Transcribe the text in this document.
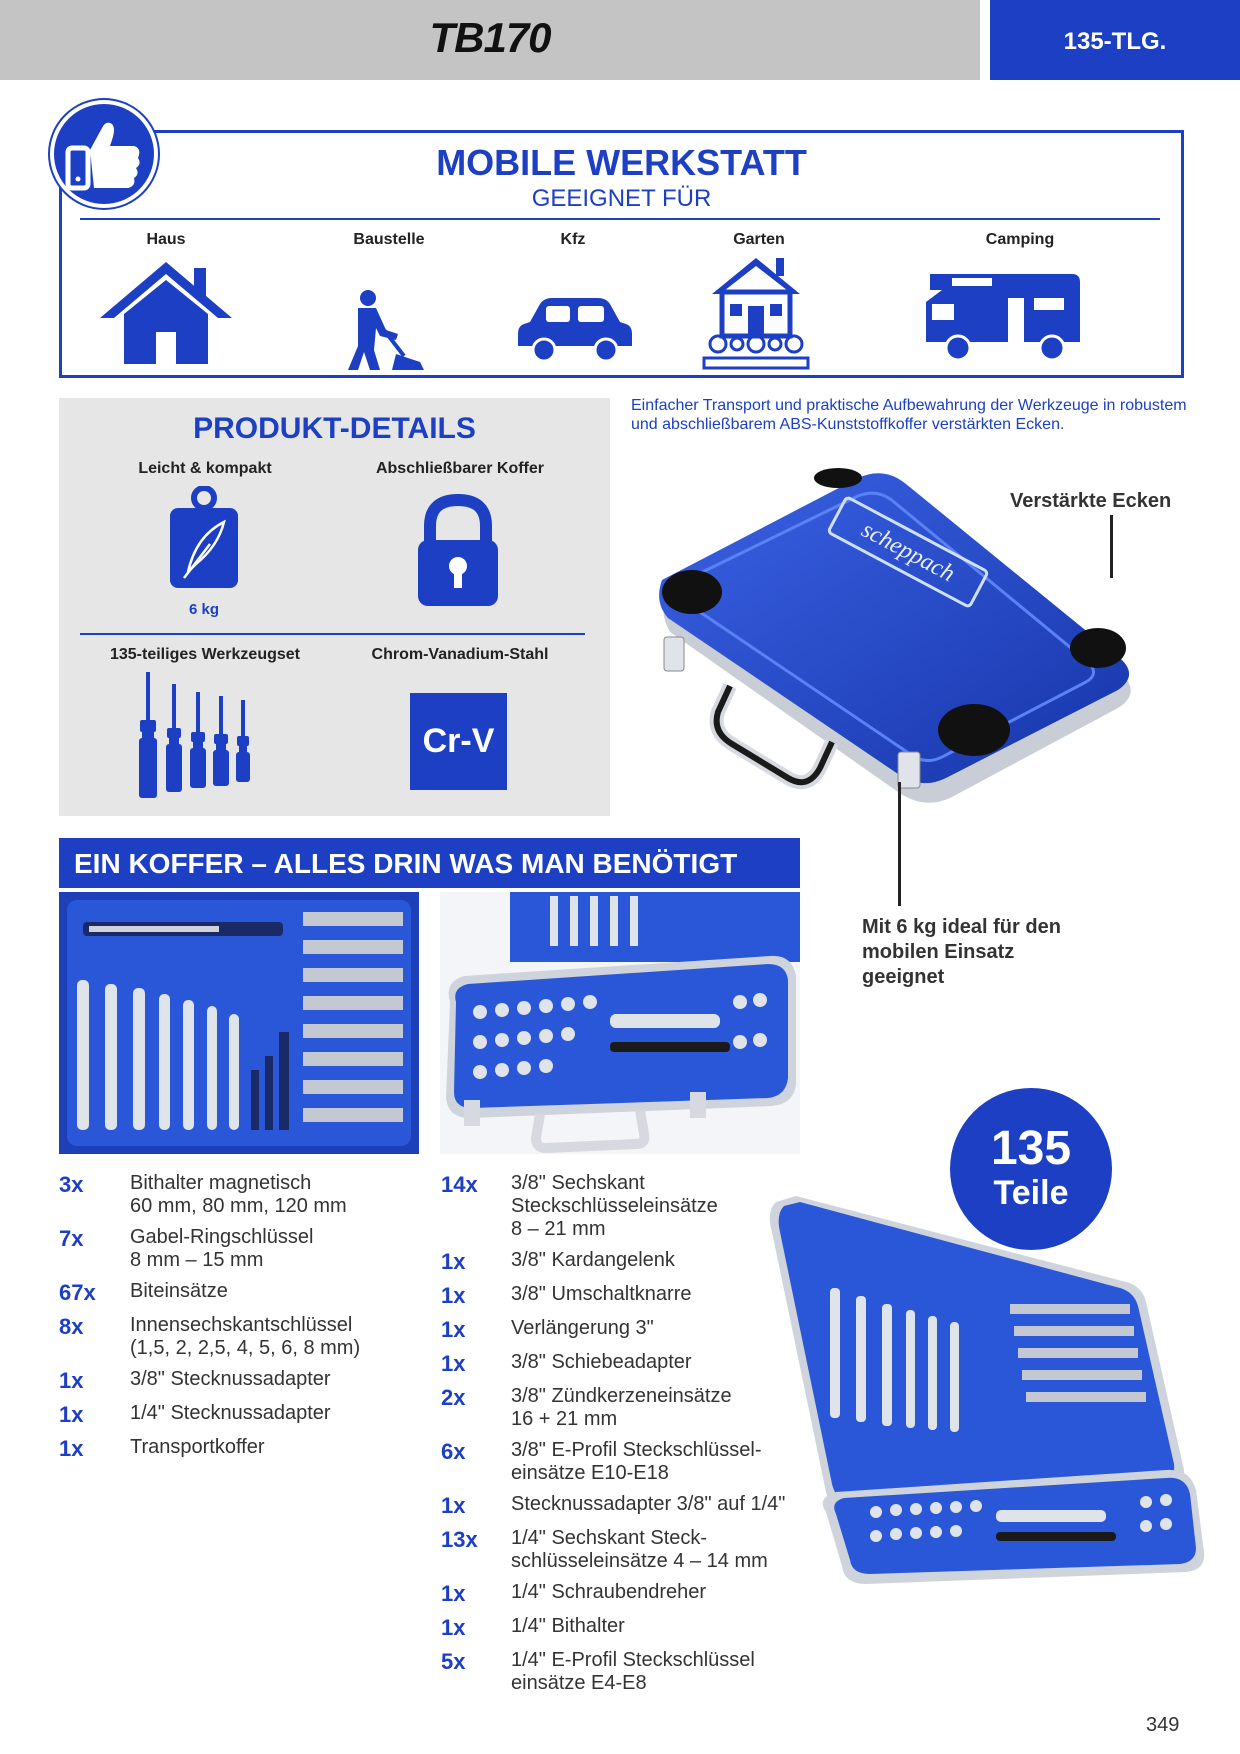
TB170	135-TLG.
MOBILE WERKSTATT
GEEIGNET FÜR
Haus	Baustelle	Kfz	Garten	Camping
PRODUKT-DETAILS
Leicht & kompakt	Abschließbarer Koffer
6 kg
135-teiliges Werkzeugset	Chrom-Vanadium-Stahl
Cr-V
Einfacher Transport und praktische Aufbewahrung der Werkzeuge in robustem und abschließbarem ABS-Kunststoffkoffer verstärkten Ecken.
scheppach
Verstärkte Ecken
Mit 6 kg ideal für den
mobilen Einsatz
geeignet
EIN KOFFER – ALLES DRIN WAS MAN BENÖTIGT
135
Teile
3x	Bithalter magnetisch
60 mm, 80 mm, 120 mm
7x	Gabel-Ringschlüssel
8 mm – 15 mm
67x	Biteinsätze
8x	Innensechskantschlüssel
(1,5, 2, 2,5, 4, 5, 6, 8 mm)
1x	3/8" Stecknussadapter
1x	1/4" Stecknussadapter
1x	Transportkoffer
14x	3/8" Sechskant
Steckschlüsseleinsätze
8 – 21 mm
1x	3/8" Kardangelenk
1x	3/8" Umschaltknarre
1x	Verlängerung 3"
1x	3/8" Schiebeadapter
2x	3/8" Zündkerzeneinsätze
16 + 21 mm
6x	3/8" E-Profil Steckschlüssel-
einsätze E10-E18
1x	Stecknussadapter 3/8" auf 1/4"
13x	1/4" Sechskant Steck-
schlüsseleinsätze 4 – 14 mm
1x	1/4" Schraubendreher
1x	1/4" Bithalter
5x	1/4" E-Profil Steckschlüssel
einsätze E4-E8
349
